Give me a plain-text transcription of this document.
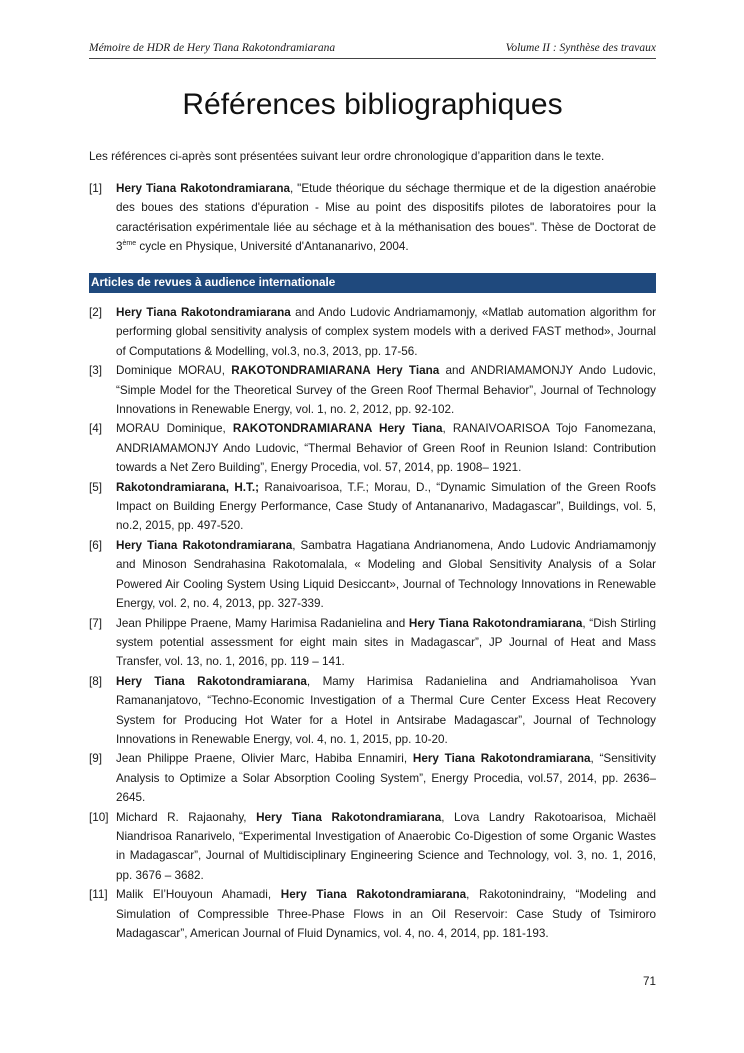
Mémoire de HDR de Hery Tiana Rakotondramiarana	Volume II : Synthèse des travaux
Références bibliographiques
Les références ci-après sont présentées suivant leur ordre chronologique d’apparition dans le texte.
[1]	Hery Tiana Rakotondramiarana, "Etude théorique du séchage thermique et de la digestion anaérobie des boues des stations d'épuration - Mise au point des dispositifs pilotes de laboratoires pour la caractérisation expérimentale liée au séchage et à la méthanisation des boues". Thèse de Doctorat de 3ème cycle en Physique, Université d'Antananarivo, 2004.
Articles de revues à audience internationale
[2]	Hery Tiana Rakotondramiarana and Ando Ludovic Andriamamonjy, «Matlab automation algorithm for performing global sensitivity analysis of complex system models with a derived FAST method», Journal of Computations & Modelling, vol.3, no.3, 2013, pp. 17-56.
[3]	Dominique MORAU, RAKOTONDRAMIARANA Hery Tiana and ANDRIAMAMONJY Ando Ludovic, “Simple Model for the Theoretical Survey of the Green Roof Thermal Behavior”, Journal of Technology Innovations in Renewable Energy, vol. 1, no. 2, 2012, pp. 92-102.
[4]	MORAU Dominique, RAKOTONDRAMIARANA Hery Tiana, RANAIVOARISOA Tojo Fanomezana, ANDRIAMAMONJY Ando Ludovic, “Thermal Behavior of Green Roof in Reunion Island: Contribution towards a Net Zero Building”, Energy Procedia, vol. 57, 2014, pp. 1908– 1921.
[5]	Rakotondramiarana, H.T.; Ranaivoarisoa, T.F.; Morau, D., “Dynamic Simulation of the Green Roofs Impact on Building Energy Performance, Case Study of Antananarivo, Madagascar”, Buildings, vol. 5, no.2, 2015, pp. 497-520.
[6]	Hery Tiana Rakotondramiarana, Sambatra Hagatiana Andrianomena, Ando Ludovic Andriamamonjy and Minoson Sendrahasina Rakotomalala, « Modeling and Global Sensitivity Analysis of a Solar Powered Air Cooling System Using Liquid Desiccant», Journal of Technology Innovations in Renewable Energy, vol. 2, no. 4, 2013, pp. 327-339.
[7]	Jean Philippe Praene, Mamy Harimisa Radanielina and Hery Tiana Rakotondramiarana, “Dish Stirling system potential assessment for eight main sites in Madagascar”, JP Journal of Heat and Mass Transfer, vol. 13, no. 1, 2016, pp. 119 – 141.
[8]	Hery Tiana Rakotondramiarana, Mamy Harimisa Radanielina and Andriamaholisoa Yvan Ramananjatovo, “Techno-Economic Investigation of a Thermal Cure Center Excess Heat Recovery System for Producing Hot Water for a Hotel in Antsirabe Madagascar”, Journal of Technology Innovations in Renewable Energy, vol. 4, no. 1, 2015, pp. 10-20.
[9]	Jean Philippe Praene, Olivier Marc, Habiba Ennamiri, Hery Tiana Rakotondramiarana, “Sensitivity Analysis to Optimize a Solar Absorption Cooling System”, Energy Procedia, vol.57, 2014, pp. 2636–2645.
[10] Michard R. Rajaonahy, Hery Tiana Rakotondramiarana, Lova Landry Rakotoarisoa, Michaël Niandrisoa Ranarivelo, “Experimental Investigation of Anaerobic Co-Digestion of some Organic Wastes in Madagascar”, Journal of Multidisciplinary Engineering Science and Technology, vol. 3, no. 1, 2016, pp. 3676 – 3682.
[11] Malik El’Houyoun Ahamadi, Hery Tiana Rakotondramiarana, Rakotonindrainy, “Modeling and Simulation of Compressible Three-Phase Flows in an Oil Reservoir: Case Study of Tsimiroro Madagascar”, American Journal of Fluid Dynamics, vol. 4, no. 4, 2014, pp. 181-193.
71
